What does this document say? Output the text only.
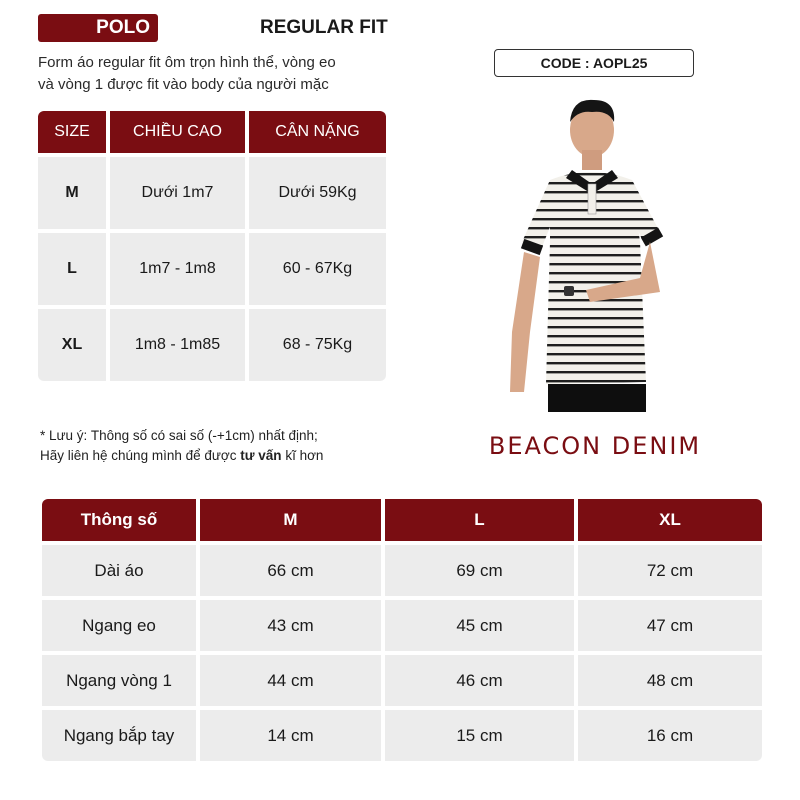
POLO	REGULAR FIT
Form áo regular fit ôm trọn hình thể, vòng eo
và vòng 1 được fit vào body của người mặc
CODE : AOPL25
SIZE	CHIỀU CAO	CÂN NẶNG
M	Dưới 1m7	Dưới 59Kg
L	1m7 - 1m8	60 - 67Kg
XL	1m8 - 1m85	68 - 75Kg
* Lưu ý: Thông số có sai số (-+1cm) nhất định;
Hãy liên hệ chúng mình để được tư vấn kĩ hơn	BEACON DENIM
Thông số	M	L	XL
Dài áo	66 cm	69 cm	72 cm
Ngang eo	43 cm	45 cm	47 cm
Ngang vòng 1	44 cm	46 cm	48 cm
Ngang bắp tay	14 cm	15 cm	16 cm
